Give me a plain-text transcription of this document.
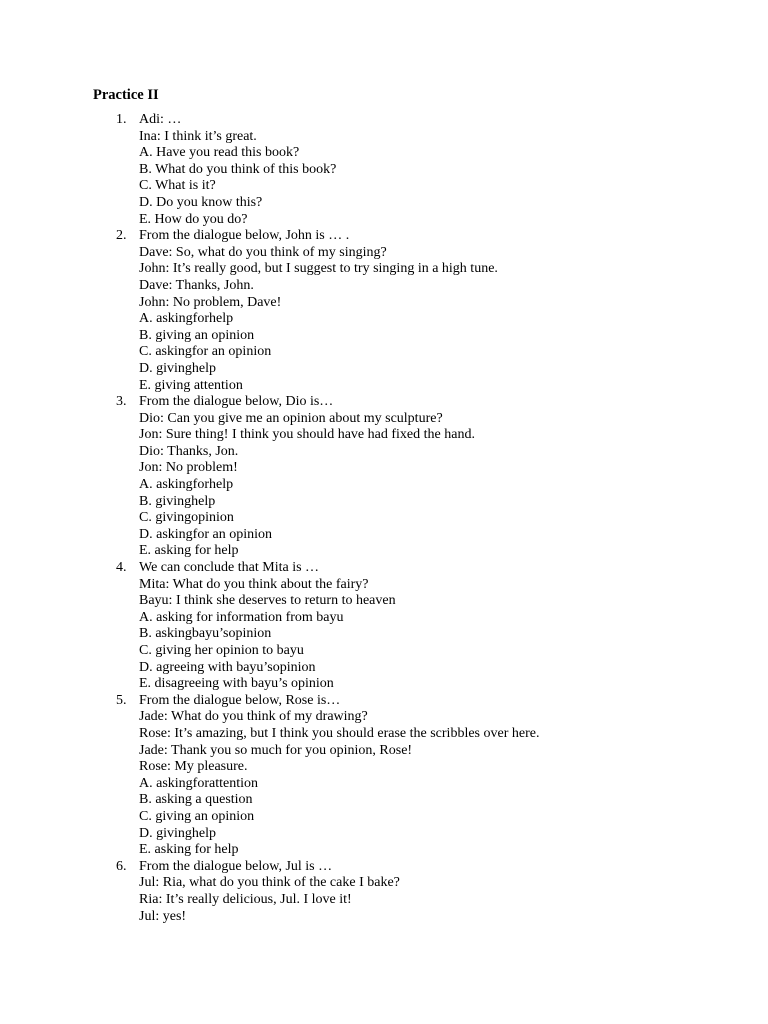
Practice II
1. Adi: …
Ina: I think it’s great.
A. Have you read this book?
B. What do you think of this book?
C. What is it?
D. Do you know this?
E. How do you do?
2. From the dialogue below, John is … .
Dave: So, what do you think of my singing?
John: It’s really good, but I suggest to try singing in a high tune.
Dave: Thanks, John.
John: No problem, Dave!
A. askingforhelp
B. giving an opinion
C. askingfor an opinion
D. givinghelp
E. giving attention
3. From the dialogue below, Dio is…
Dio: Can you give me an opinion about my sculpture?
Jon: Sure thing! I think you should have had fixed the hand.
Dio: Thanks, Jon.
Jon: No problem!
A. askingforhelp
B. givinghelp
C. givingopinion
D. askingfor an opinion
E. asking for help
4. We can conclude that Mita is …
Mita: What do you think about the fairy?
Bayu: I think she deserves to return to heaven
A. asking for information from bayu
B. askingbayu’sopinion
C. giving her opinion to bayu
D. agreeing with bayu’sopinion
E. disagreeing with bayu’s opinion
5. From the dialogue below, Rose is…
Jade: What do you think of my drawing?
Rose: It’s amazing, but I think you should erase the scribbles over here.
Jade: Thank you so much for you opinion, Rose!
Rose: My pleasure.
A. askingforattention
B. asking a question
C. giving an opinion
D. givinghelp
E. asking for help
6. From the dialogue below, Jul is …
Jul: Ria, what do you think of the cake I bake?
Ria: It’s really delicious, Jul. I love it!
Jul: yes!
